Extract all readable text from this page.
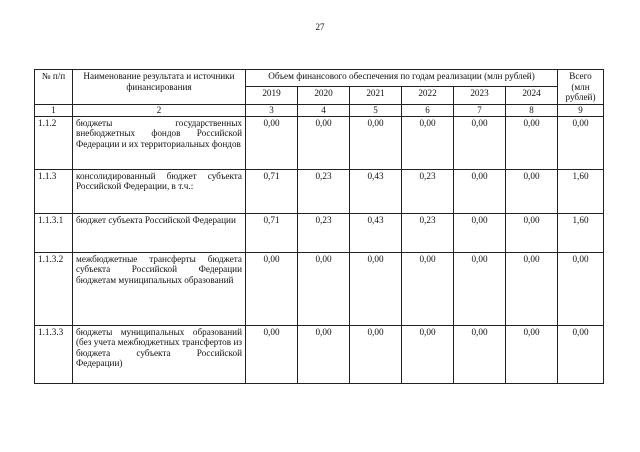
27
№ п/п	Наименование результата и источники финансирования	Объем финансового обеспечения по годам реализации (млн рублей)						Всего (млн рублей)
		2019	2020	2021	2022	2023	2024	
1	2	3	4	5	6	7	8	9
1.1.2	бюджеты государственных внебюджетных фондов Российской Федерации и их территориальных фондов	0,00	0,00	0,00	0,00	0,00	0,00	0,00
1.1.3	консолидированный бюджет субъекта Российской Федерации, в т.ч.:	0,71	0,23	0,43	0,23	0,00	0,00	1,60
1.1.3.1	бюджет субъекта Российской Федерации	0,71	0,23	0,43	0,23	0,00	0,00	1,60
1.1.3.2	межбюджетные трансферты бюджета субъекта Российской Федерации бюджетам муниципальных образований	0,00	0,00	0,00	0,00	0,00	0,00	0,00
1.1.3.3	бюджеты муниципальных образований (без учета межбюджетных трансфертов из бюджета субъекта Российской Федерации)	0,00	0,00	0,00	0,00	0,00	0,00	0,00
